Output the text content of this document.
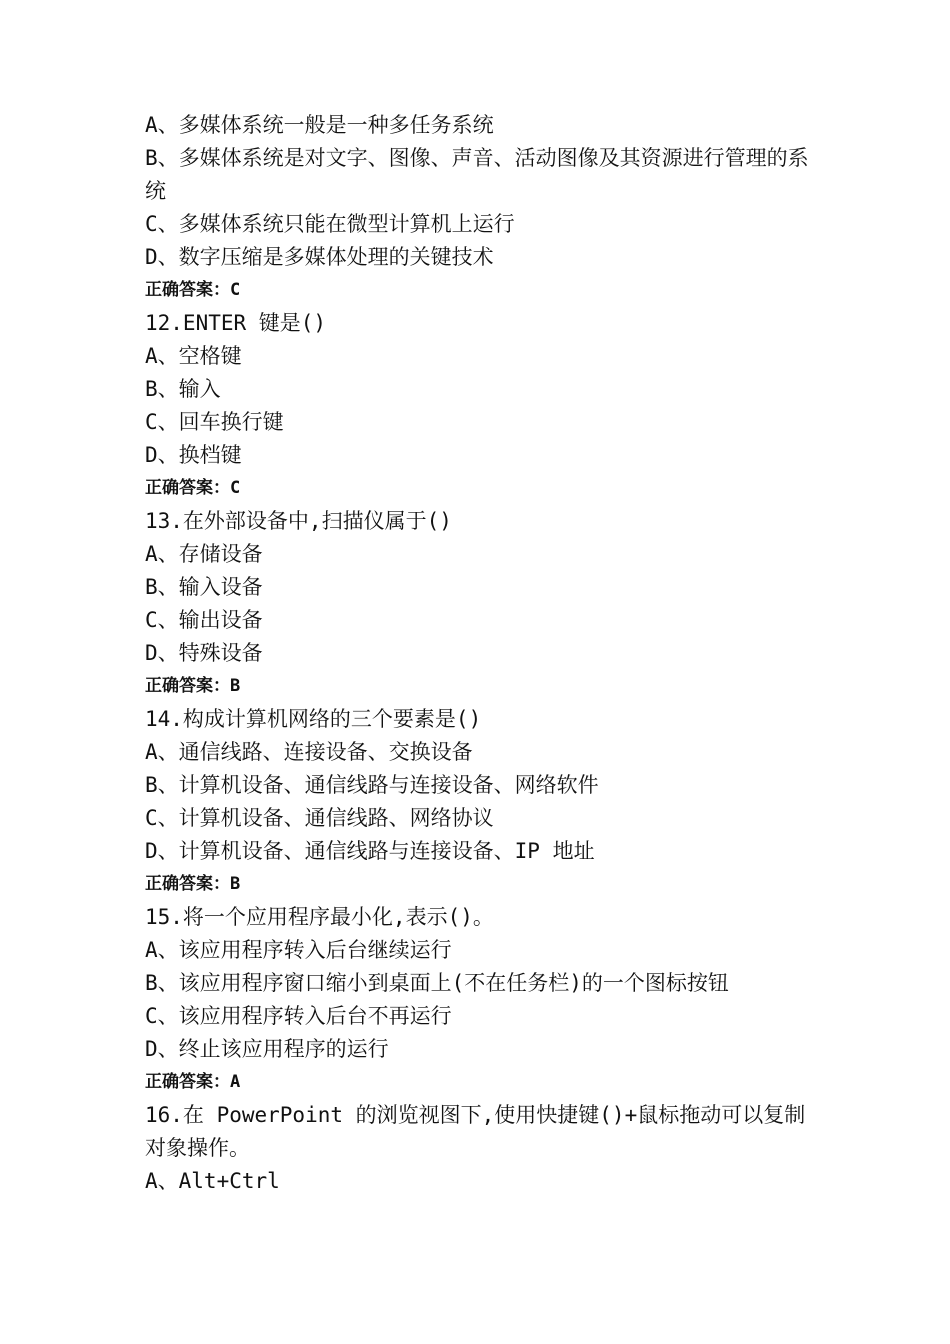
A、多媒体系统一般是一种多任务系统
B、多媒体系统是对文字、图像、声音、活动图像及其资源进行管理的系统
C、多媒体系统只能在微型计算机上运行
D、数字压缩是多媒体处理的关键技术
正确答案：C
12.ENTER 键是()
A、空格键
B、输入
C、回车换行键
D、换档键
正确答案：C
13.在外部设备中,扫描仪属于()
A、存储设备
B、输入设备
C、输出设备
D、特殊设备
正确答案：B
14.构成计算机网络的三个要素是()
A、通信线路、连接设备、交换设备
B、计算机设备、通信线路与连接设备、网络软件
C、计算机设备、通信线路、网络协议
D、计算机设备、通信线路与连接设备、IP 地址
正确答案：B
15.将一个应用程序最小化,表示()。
A、该应用程序转入后台继续运行
B、该应用程序窗口缩小到桌面上(不在任务栏)的一个图标按钮
C、该应用程序转入后台不再运行
D、终止该应用程序的运行
正确答案：A
16.在 PowerPoint 的浏览视图下,使用快捷键()+鼠标拖动可以复制对象操作。
A、Alt+Ctrl
